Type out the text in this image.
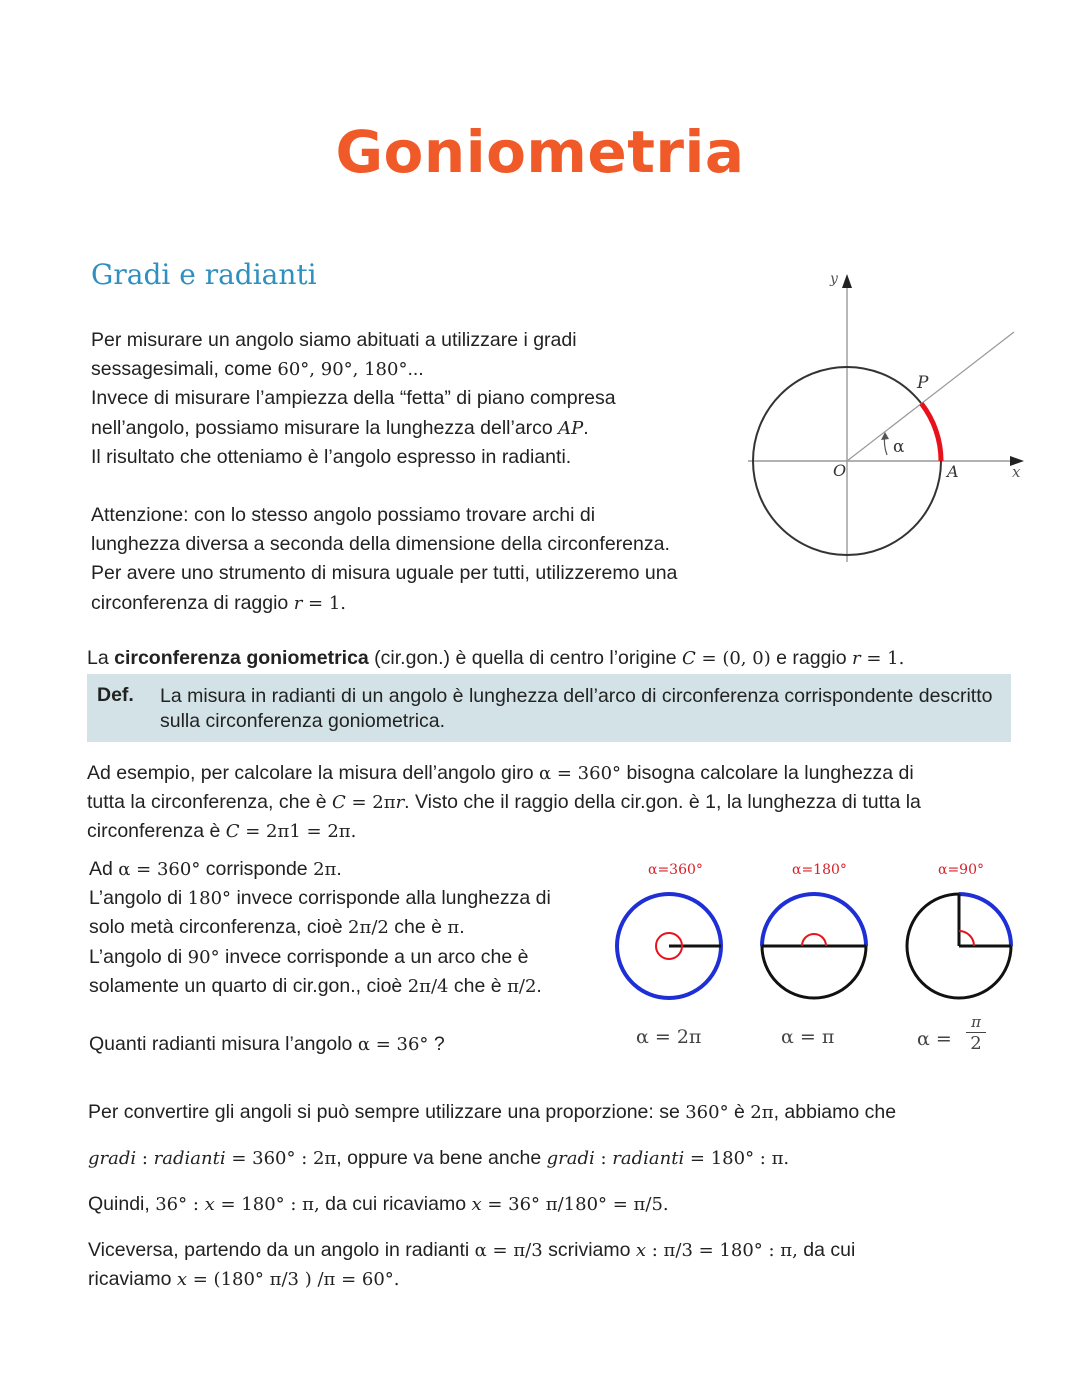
Goniometria
Gradi e radianti
Per misurare un angolo siamo abituati a utilizzare i gradi
sessagesimali, come 60°, 90°, 180°...
Invece di misurare l’ampiezza della “fetta” di piano compresa
nell’angolo, possiamo misurare la lunghezza dell’arco AP.
Il risultato che otteniamo è l’angolo espresso in radianti.
Attenzione: con lo stesso angolo possiamo trovare archi di
lunghezza diversa a seconda della dimensione della circonferenza.
Per avere uno strumento di misura uguale per tutti, utilizzeremo una
circonferenza di raggio r = 1.
y
x
O
P
A
α
La circonferenza goniometrica (cir.gon.) è quella di centro l’origine C = (0, 0) e raggio r = 1.
Def. La misura in radianti di un angolo è lunghezza dell’arco di circonferenza corrispondente descritto sulla circonferenza goniometrica.
Ad esempio, per calcolare la misura dell’angolo giro α = 360° bisogna calcolare la lunghezza di
tutta la circonferenza, che è C = 2πr. Visto che il raggio della cir.gon. è 1, la lunghezza di tutta la
circonferenza è C = 2π1 = 2π.
Ad α = 360° corrisponde 2π.
L’angolo di 180° invece corrisponde alla lunghezza di
solo metà circonferenza, cioè 2π/2 che è π.
L’angolo di 90° invece corrisponde a un arco che è
solamente un quarto di cir.gon., cioè 2π/4 che è π/2.
α=360°	α=180°	α=90°
α = 2π	α = π	α =
π
2
Quanti radianti misura l’angolo α = 36° ?
Per convertire gli angoli si può sempre utilizzare una proporzione: se 360° è 2π, abbiamo che
gradi : radianti = 360° : 2π, oppure va bene anche gradi : radianti = 180° : π.
Quindi, 36° : x = 180° : π, da cui ricaviamo x = 36° π/180° = π/5.
Viceversa, partendo da un angolo in radianti α = π/3 scriviamo x : π/3 = 180° : π, da cui
ricaviamo x = (180° π/3 ) /π = 60°.
